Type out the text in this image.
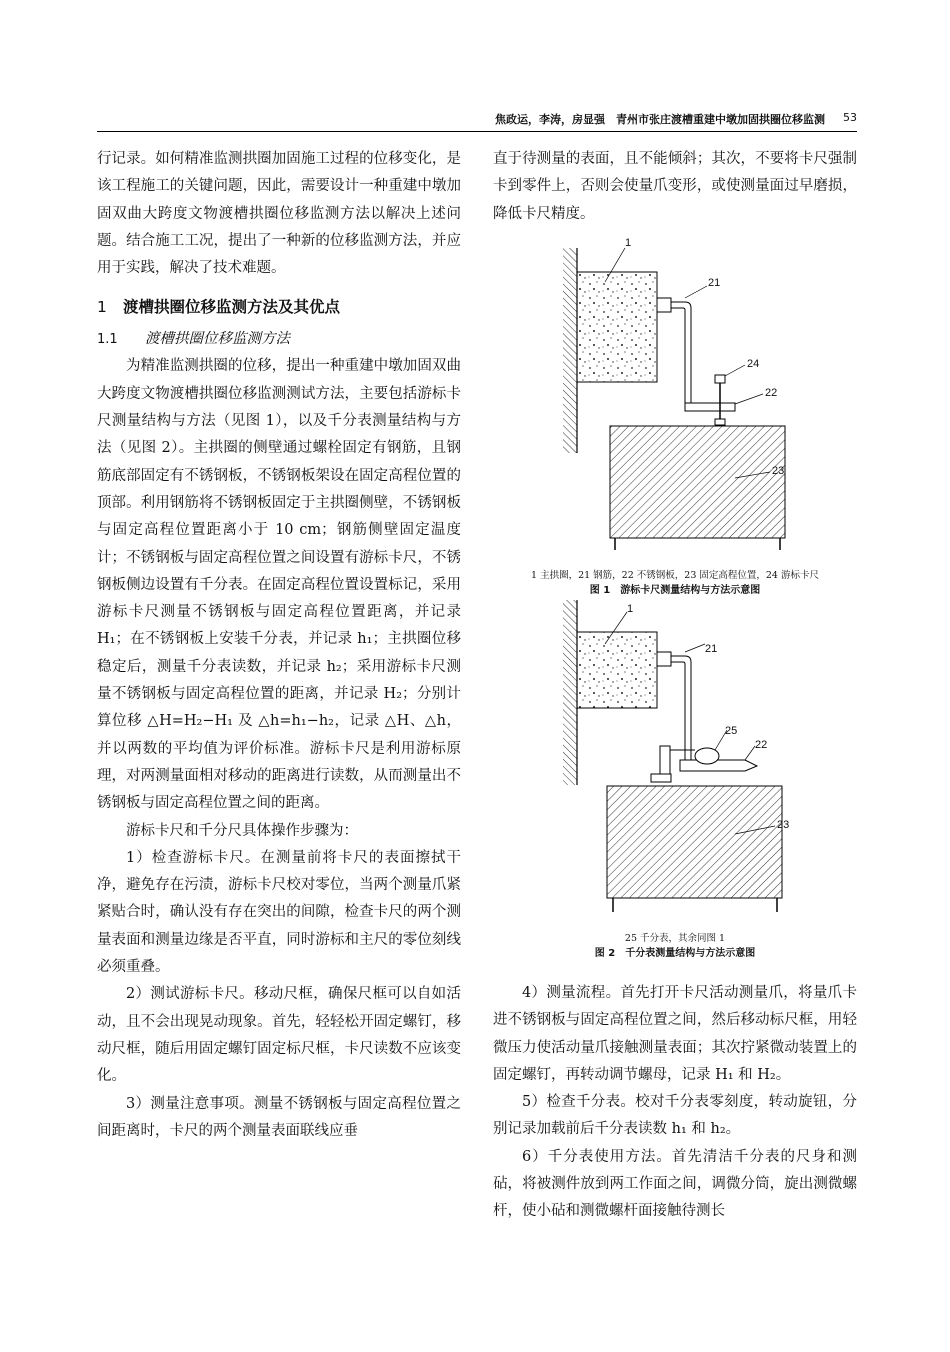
焦政运，李涛，房显强　青州市张庄渡槽重建中墩加固拱圈位移监测 53

行记录。如何精准监测拱圈加固施工过程的位移变化，是该工程施工的关键问题，因此，需要设计一种重建中墩加固双曲大跨度文物渡槽拱圈位移监测方法以解决上述问题。结合施工工况，提出了一种新的位移监测方法，并应用于实践，解决了技术难题。

1 渡槽拱圈位移监测方法及其优点
1.1 渡槽拱圈位移监测方法

为精准监测拱圈的位移，提出一种重建中墩加固双曲大跨度文物渡槽拱圈位移监测测试方法，主要包括游标卡尺测量结构与方法（见图 1），以及千分表测量结构与方法（见图 2）。主拱圈的侧壁通过螺栓固定有钢筋，且钢筋底部固定有不锈钢板，不锈钢板架设在固定高程位置的顶部。利用钢筋将不锈钢板固定于主拱圈侧壁，不锈钢板与固定高程位置距离小于 10 cm；钢筋侧壁固定温度计；不锈钢板与固定高程位置之间设置有游标卡尺，不锈钢板侧边设置有千分表。在固定高程位置设置标记，采用游标卡尺测量不锈钢板与固定高程位置距离，并记录 H₁；在不锈钢板上安装千分表，并记录 h₁；主拱圈位移稳定后，测量千分表读数，并记录 h₂；采用游标卡尺测量不锈钢板与固定高程位置的距离，并记录 H₂；分别计算位移 △H=H₂−H₁ 及 △h=h₁−h₂，记录 △H、△h，并以两数的平均值为评价标准。游标卡尺是利用游标原理，对两测量面相对移动的距离进行读数，从而测量出不锈钢板与固定高程位置之间的距离。

游标卡尺和千分尺具体操作步骤为：

1）检查游标卡尺。在测量前将卡尺的表面擦拭干净，避免存在污渍，游标卡尺校对零位，当两个测量爪紧紧贴合时，确认没有存在突出的间隙，检查卡尺的两个测量表面和测量边缘是否平直，同时游标和主尺的零位刻线必须重叠。

2）测试游标卡尺。移动尺框，确保尺框可以自如活动，且不会出现晃动现象。首先，轻轻松开固定螺钉，移动尺框，随后用固定螺钉固定标尺框，卡尺读数不应该变化。

3）测量注意事项。测量不锈钢板与固定高程位置之间距离时，卡尺的两个测量表面联线应垂

直于待测量的表面，且不能倾斜；其次，不要将卡尺强制卡到零件上，否则会使量爪变形，或使测量面过早磨损，降低卡尺精度。

1
21
24
22
23
1 主拱圈，21 钢筋，22 不锈钢板，23 固定高程位置，24 游标卡尺
图 1　游标卡尺测量结构与方法示意图
1
21
25
22
23
25 千分表，其余同图 1
图 2　千分表测量结构与方法示意图

4）测量流程。首先打开卡尺活动测量爪，将量爪卡进不锈钢板与固定高程位置之间，然后移动标尺框，用轻微压力使活动量爪接触测量表面；其次拧紧微动装置上的固定螺钉，再转动调节螺母，记录 H₁ 和 H₂。

5）检查千分表。校对千分表零刻度，转动旋钮，分别记录加载前后千分表读数 h₁ 和 h₂。

6）千分表使用方法。首先清洁千分表的尺身和测砧，将被测件放到两工作面之间，调微分筒，旋出测微螺杆，使小砧和测微螺杆面接触待测长
